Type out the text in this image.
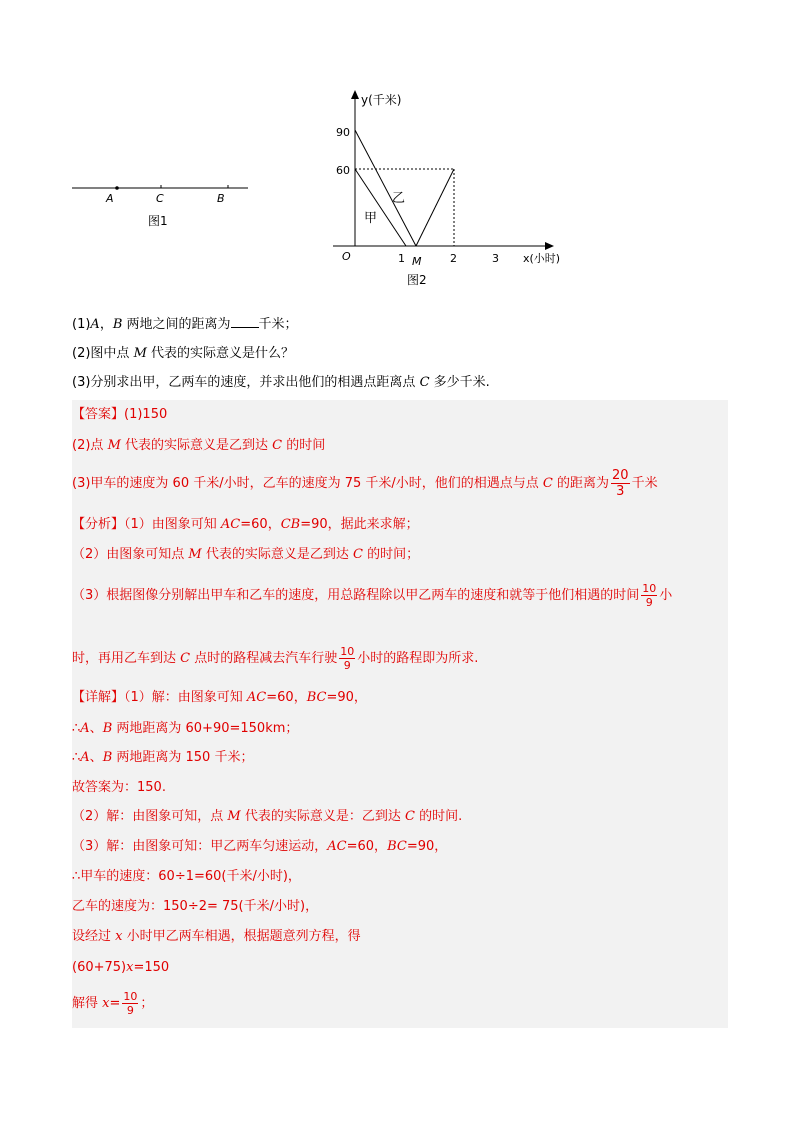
A	C	B
图1
y(千米)
90
60
O	1 M	2	3 x(小时)
甲
乙
图2
(1)A，B 两地之间的距离为 千米；
(2)图中点 M 代表的实际意义是什么？
(3)分别求出甲，乙两车的速度，并求出他们的相遇点距离点 C 多少千米.
【答案】(1)150
(2)点 M 代表的实际意义是乙到达 C 的时间
(3)甲车的速度为 60 千米/小时，乙车的速度为 75 千米/小时，他们的相遇点与点 C 的距离为 $\frac{20}{3}$ 千米
【分析】（1）由图象可知 AC=60，CB=90，据此来求解；
（2）由图象可知点 M 代表的实际意义是乙到达 C 的时间；
（3）根据图像分别解出甲车和乙车的速度，用总路程除以甲乙两车的速度和就等于他们相遇的时间 $\frac{10}{9}$ 小
时，再用乙车到达 C 点时的路程减去汽车行驶 $\frac{10}{9}$ 小时的路程即为所求.
【详解】（1）解：由图象可知 AC=60，BC=90，
∴A、B 两地距离为 60+90=150km；
∴A、B 两地距离为 150 千米；
故答案为：150.
（2）解：由图象可知，点 M 代表的实际意义是：乙到达 C 的时间.
（3）解：由图象可知：甲乙两车匀速运动，AC=60，BC=90，
∴甲车的速度：60÷1=60(千米/小时)，
乙车的速度为：150÷2= 75(千米/小时)，
设经过 x 小时甲乙两车相遇，根据题意列方程，得
(60+75)x=150
解得 $x= \frac{10}{9}$ ；
